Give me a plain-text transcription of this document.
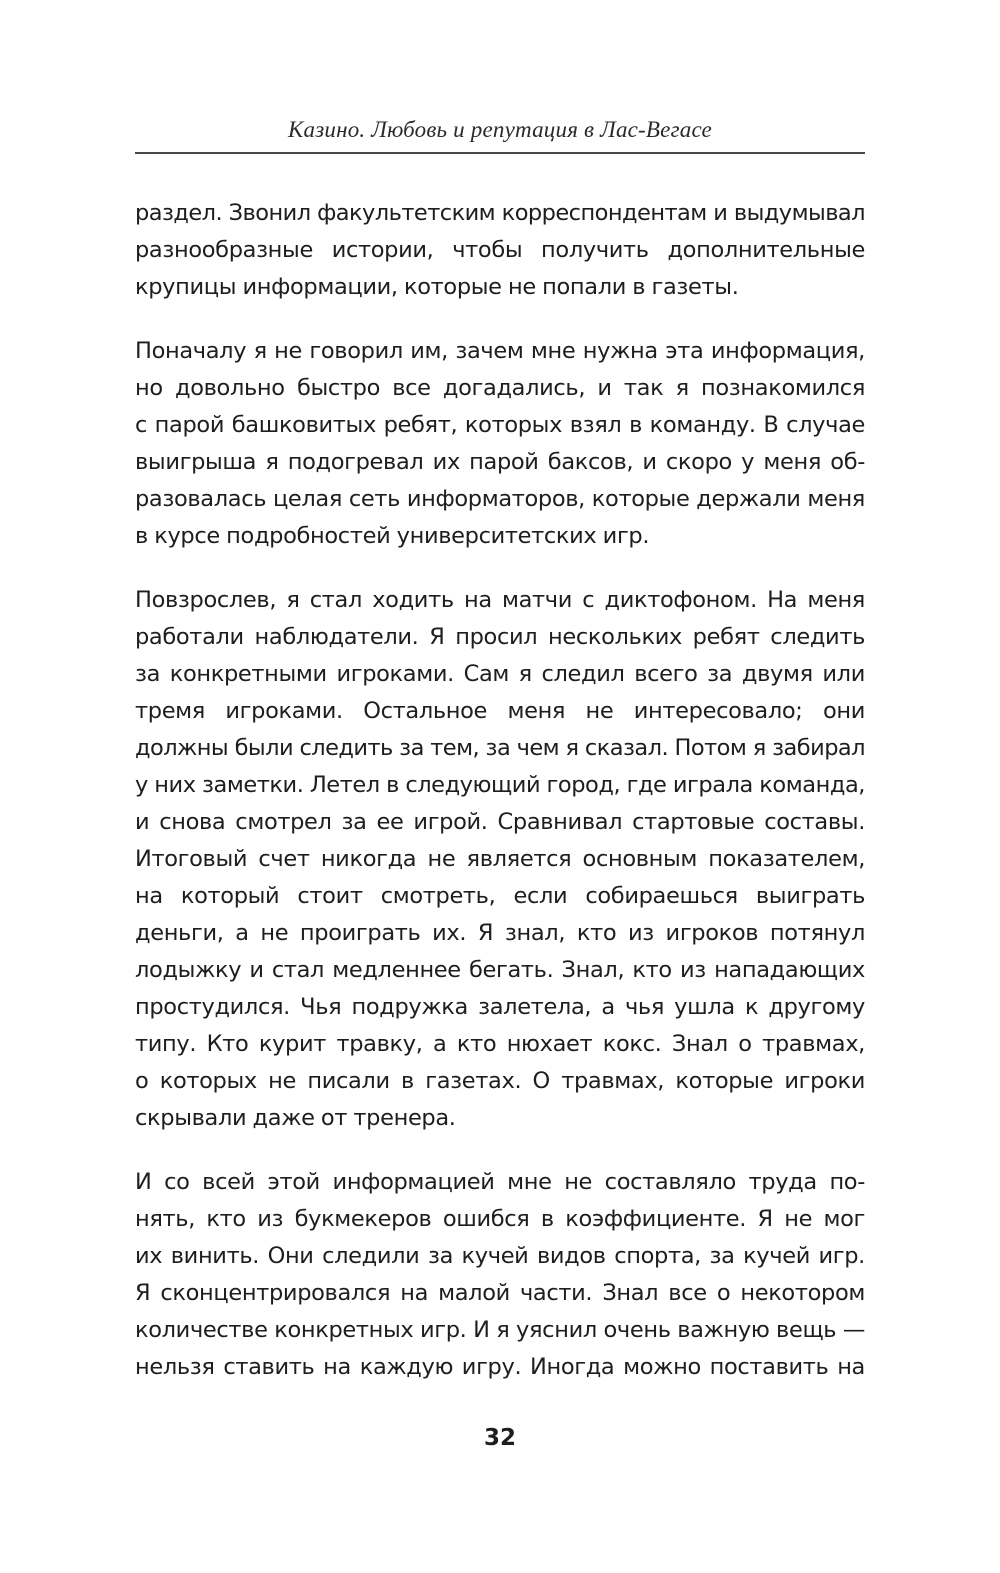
Казино. Любовь и репутация в Лас-Вегасе
раздел. Звонил факультетским корреспондентам и выдумывал
разнообразные истории, чтобы получить дополнительные
крупицы информации, которые не попали в газеты.
Поначалу я не говорил им, зачем мне нужна эта информация,
но довольно быстро все догадались, и так я познакомился
с парой башковитых ребят, которых взял в команду. В случае
выигрыша я подогревал их парой баксов, и скоро у меня об-
разовалась целая сеть информаторов, которые держали меня
в курсе подробностей университетских игр.
Повзрослев, я стал ходить на матчи с диктофоном. На меня
работали наблюдатели. Я просил нескольких ребят следить
за конкретными игроками. Сам я следил всего за двумя или
тремя игроками. Остальное меня не интересовало; они
должны были следить за тем, за чем я сказал. Потом я забирал
у них заметки. Летел в следующий город, где играла команда,
и снова смотрел за ее игрой. Сравнивал стартовые составы.
Итоговый счет никогда не является основным показателем,
на который стоит смотреть, если собираешься выиграть
деньги, а не проиграть их. Я знал, кто из игроков потянул
лодыжку и стал медленнее бегать. Знал, кто из нападающих
простудился. Чья подружка залетела, а чья ушла к другому
типу. Кто курит травку, а кто нюхает кокс. Знал о травмах,
о которых не писали в газетах. О травмах, которые игроки
скрывали даже от тренера.
И со всей этой информацией мне не составляло труда по-
нять, кто из букмекеров ошибся в коэффициенте. Я не мог
их винить. Они следили за кучей видов спорта, за кучей игр.
Я сконцентрировался на малой части. Знал все о некотором
количестве конкретных игр. И я уяснил очень важную вещь —
нельзя ставить на каждую игру. Иногда можно поставить на
32
